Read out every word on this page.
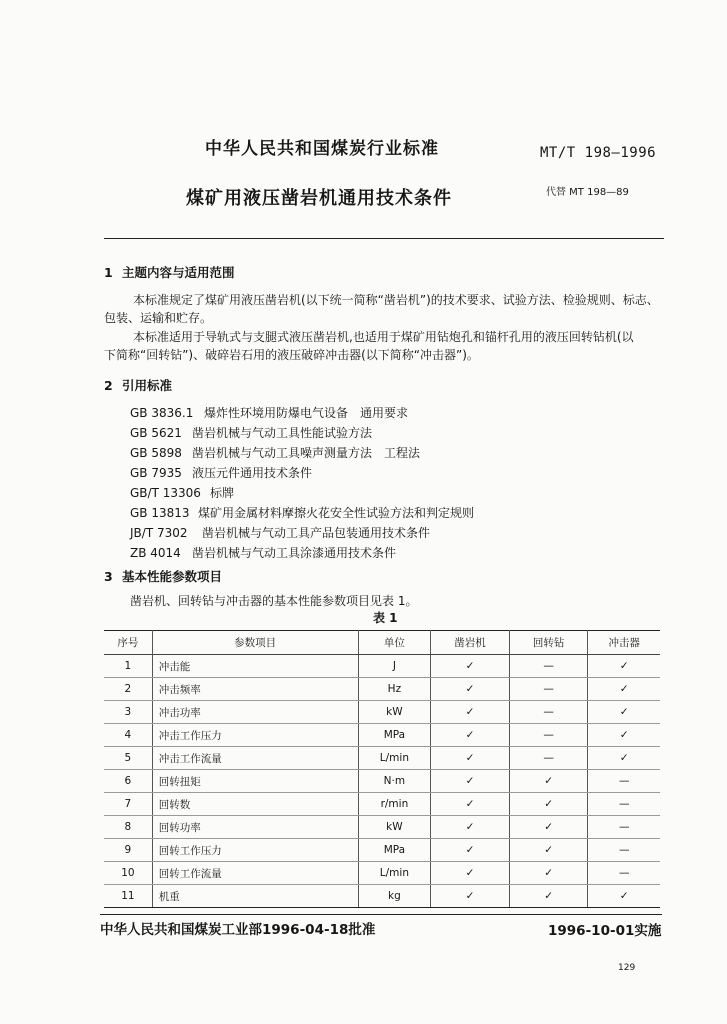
中华人民共和国煤炭行业标准	MT/T 198—1996
煤矿用液压凿岩机通用技术条件	代替 MT 198—89
1 主题内容与适用范围
本标准规定了煤矿用液压凿岩机(以下统一简称“凿岩机”)的技术要求、试验方法、检验规则、标志、
包装、运输和贮存。
本标准适用于导轨式与支腿式液压凿岩机,也适用于煤矿用钻炮孔和锚杆孔用的液压回转钻机(以
下简称“回转钻”)、破碎岩石用的液压破碎冲击器(以下简称“冲击器”)。
2 引用标准
GB 3836.1 爆炸性环境用防爆电气设备　通用要求
GB 5621 凿岩机械与气动工具性能试验方法
GB 5898 凿岩机械与气动工具噪声测量方法　工程法
GB 7935 液压元件通用技术条件
GB/T 13306 标牌
GB 13813 煤矿用金属材料摩擦火花安全性试验方法和判定规则
JB/T 7302 凿岩机械与气动工具产品包装通用技术条件
ZB 4014 凿岩机械与气动工具涂漆通用技术条件
3 基本性能参数项目
凿岩机、回转钻与冲击器的基本性能参数项目见表 1。
表 1
序号	参数项目	单位	凿岩机	回转钻	冲击器
1	冲击能	J	✓	—	✓
2	冲击频率	Hz	✓	—	✓
3	冲击功率	kW	✓	—	✓
4	冲击工作压力	MPa	✓	—	✓
5	冲击工作流量	L/min	✓	—	✓
6	回转扭矩	N·m	✓	✓	—
7	回转数	r/min	✓	✓	—
8	回转功率	kW	✓	✓	—
9	回转工作压力	MPa	✓	✓	—
10	回转工作流量	L/min	✓	✓	—
11	机重	kg	✓	✓	✓
中华人民共和国煤炭工业部1996-04-18批准	1996-10-01实施
129
